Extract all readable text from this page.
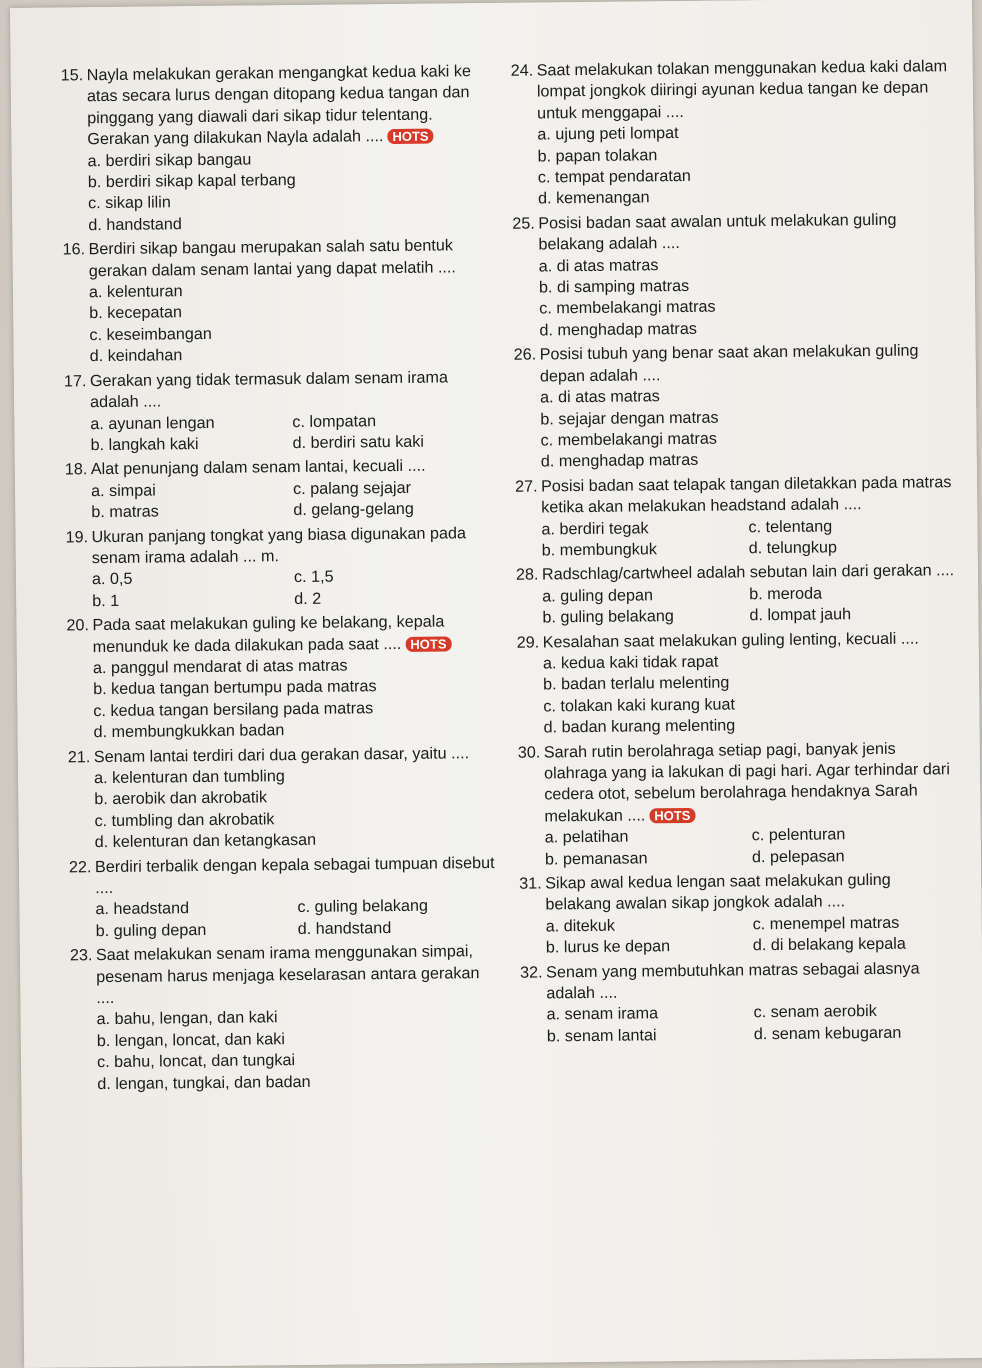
15. Nayla melakukan gerakan mengangkat kedua kaki ke atas secara lurus dengan ditopang kedua tangan dan pinggang yang diawali dari sikap tidur telentang. Gerakan yang dilakukan Nayla adalah .... HOTS
a. berdiri sikap bangau
b. berdiri sikap kapal terbang
c. sikap lilin
d. handstand
16. Berdiri sikap bangau merupakan salah satu bentuk gerakan dalam senam lantai yang dapat melatih ....
a. kelenturan
b. kecepatan
c. keseimbangan
d. keindahan
17. Gerakan yang tidak termasuk dalam senam irama adalah ....
a. ayunan lengan	c. lompatan
b. langkah kaki	d. berdiri satu kaki
18. Alat penunjang dalam senam lantai, kecuali ....
a. simpai	c. palang sejajar
b. matras	d. gelang-gelang
19. Ukuran panjang tongkat yang biasa digunakan pada senam irama adalah ... m.
a. 0,5	c. 1,5
b. 1	d. 2
20. Pada saat melakukan guling ke belakang, kepala menunduk ke dada dilakukan pada saat .... HOTS
a. panggul mendarat di atas matras
b. kedua tangan bertumpu pada matras
c. kedua tangan bersilang pada matras
d. membungkukkan badan
21. Senam lantai terdiri dari dua gerakan dasar, yaitu ....
a. kelenturan dan tumbling
b. aerobik dan akrobatik
c. tumbling dan akrobatik
d. kelenturan dan ketangkasan
22. Berdiri terbalik dengan kepala sebagai tumpuan disebut ....
a. headstand	c. guling belakang
b. guling depan	d. handstand
23. Saat melakukan senam irama menggunakan simpai, pesenam harus menjaga keselarasan antara gerakan ....
a. bahu, lengan, dan kaki
b. lengan, loncat, dan kaki
c. bahu, loncat, dan tungkai
d. lengan, tungkai, dan badan
24. Saat melakukan tolakan menggunakan kedua kaki dalam lompat jongkok diiringi ayunan kedua tangan ke depan untuk menggapai ....
a. ujung peti lompat
b. papan tolakan
c. tempat pendaratan
d. kemenangan
25. Posisi badan saat awalan untuk melakukan guling belakang adalah ....
a. di atas matras
b. di samping matras
c. membelakangi matras
d. menghadap matras
26. Posisi tubuh yang benar saat akan melakukan guling depan adalah ....
a. di atas matras
b. sejajar dengan matras
c. membelakangi matras
d. menghadap matras
27. Posisi badan saat telapak tangan diletakkan pada matras ketika akan melakukan headstand adalah ....
a. berdiri tegak	c. telentang
b. membungkuk	d. telungkup
28. Radschlag/cartwheel adalah sebutan lain dari gerakan ....
a. guling depan	b. meroda
b. guling belakang	d. lompat jauh
29. Kesalahan saat melakukan guling lenting, kecuali ....
a. kedua kaki tidak rapat
b. badan terlalu melenting
c. tolakan kaki kurang kuat
d. badan kurang melenting
30. Sarah rutin berolahraga setiap pagi, banyak jenis olahraga yang ia lakukan di pagi hari. Agar terhindar dari cedera otot, sebelum berolahraga hendaknya Sarah melakukan .... HOTS
a. pelatihan	c. pelenturan
b. pemanasan	d. pelepasan
31. Sikap awal kedua lengan saat melakukan guling belakang awalan sikap jongkok adalah ....
a. ditekuk	c. menempel matras
b. lurus ke depan	d. di belakang kepala
32. Senam yang membutuhkan matras sebagai alasnya adalah ....
a. senam irama	c. senam aerobik
b. senam lantai	d. senam kebugaran
